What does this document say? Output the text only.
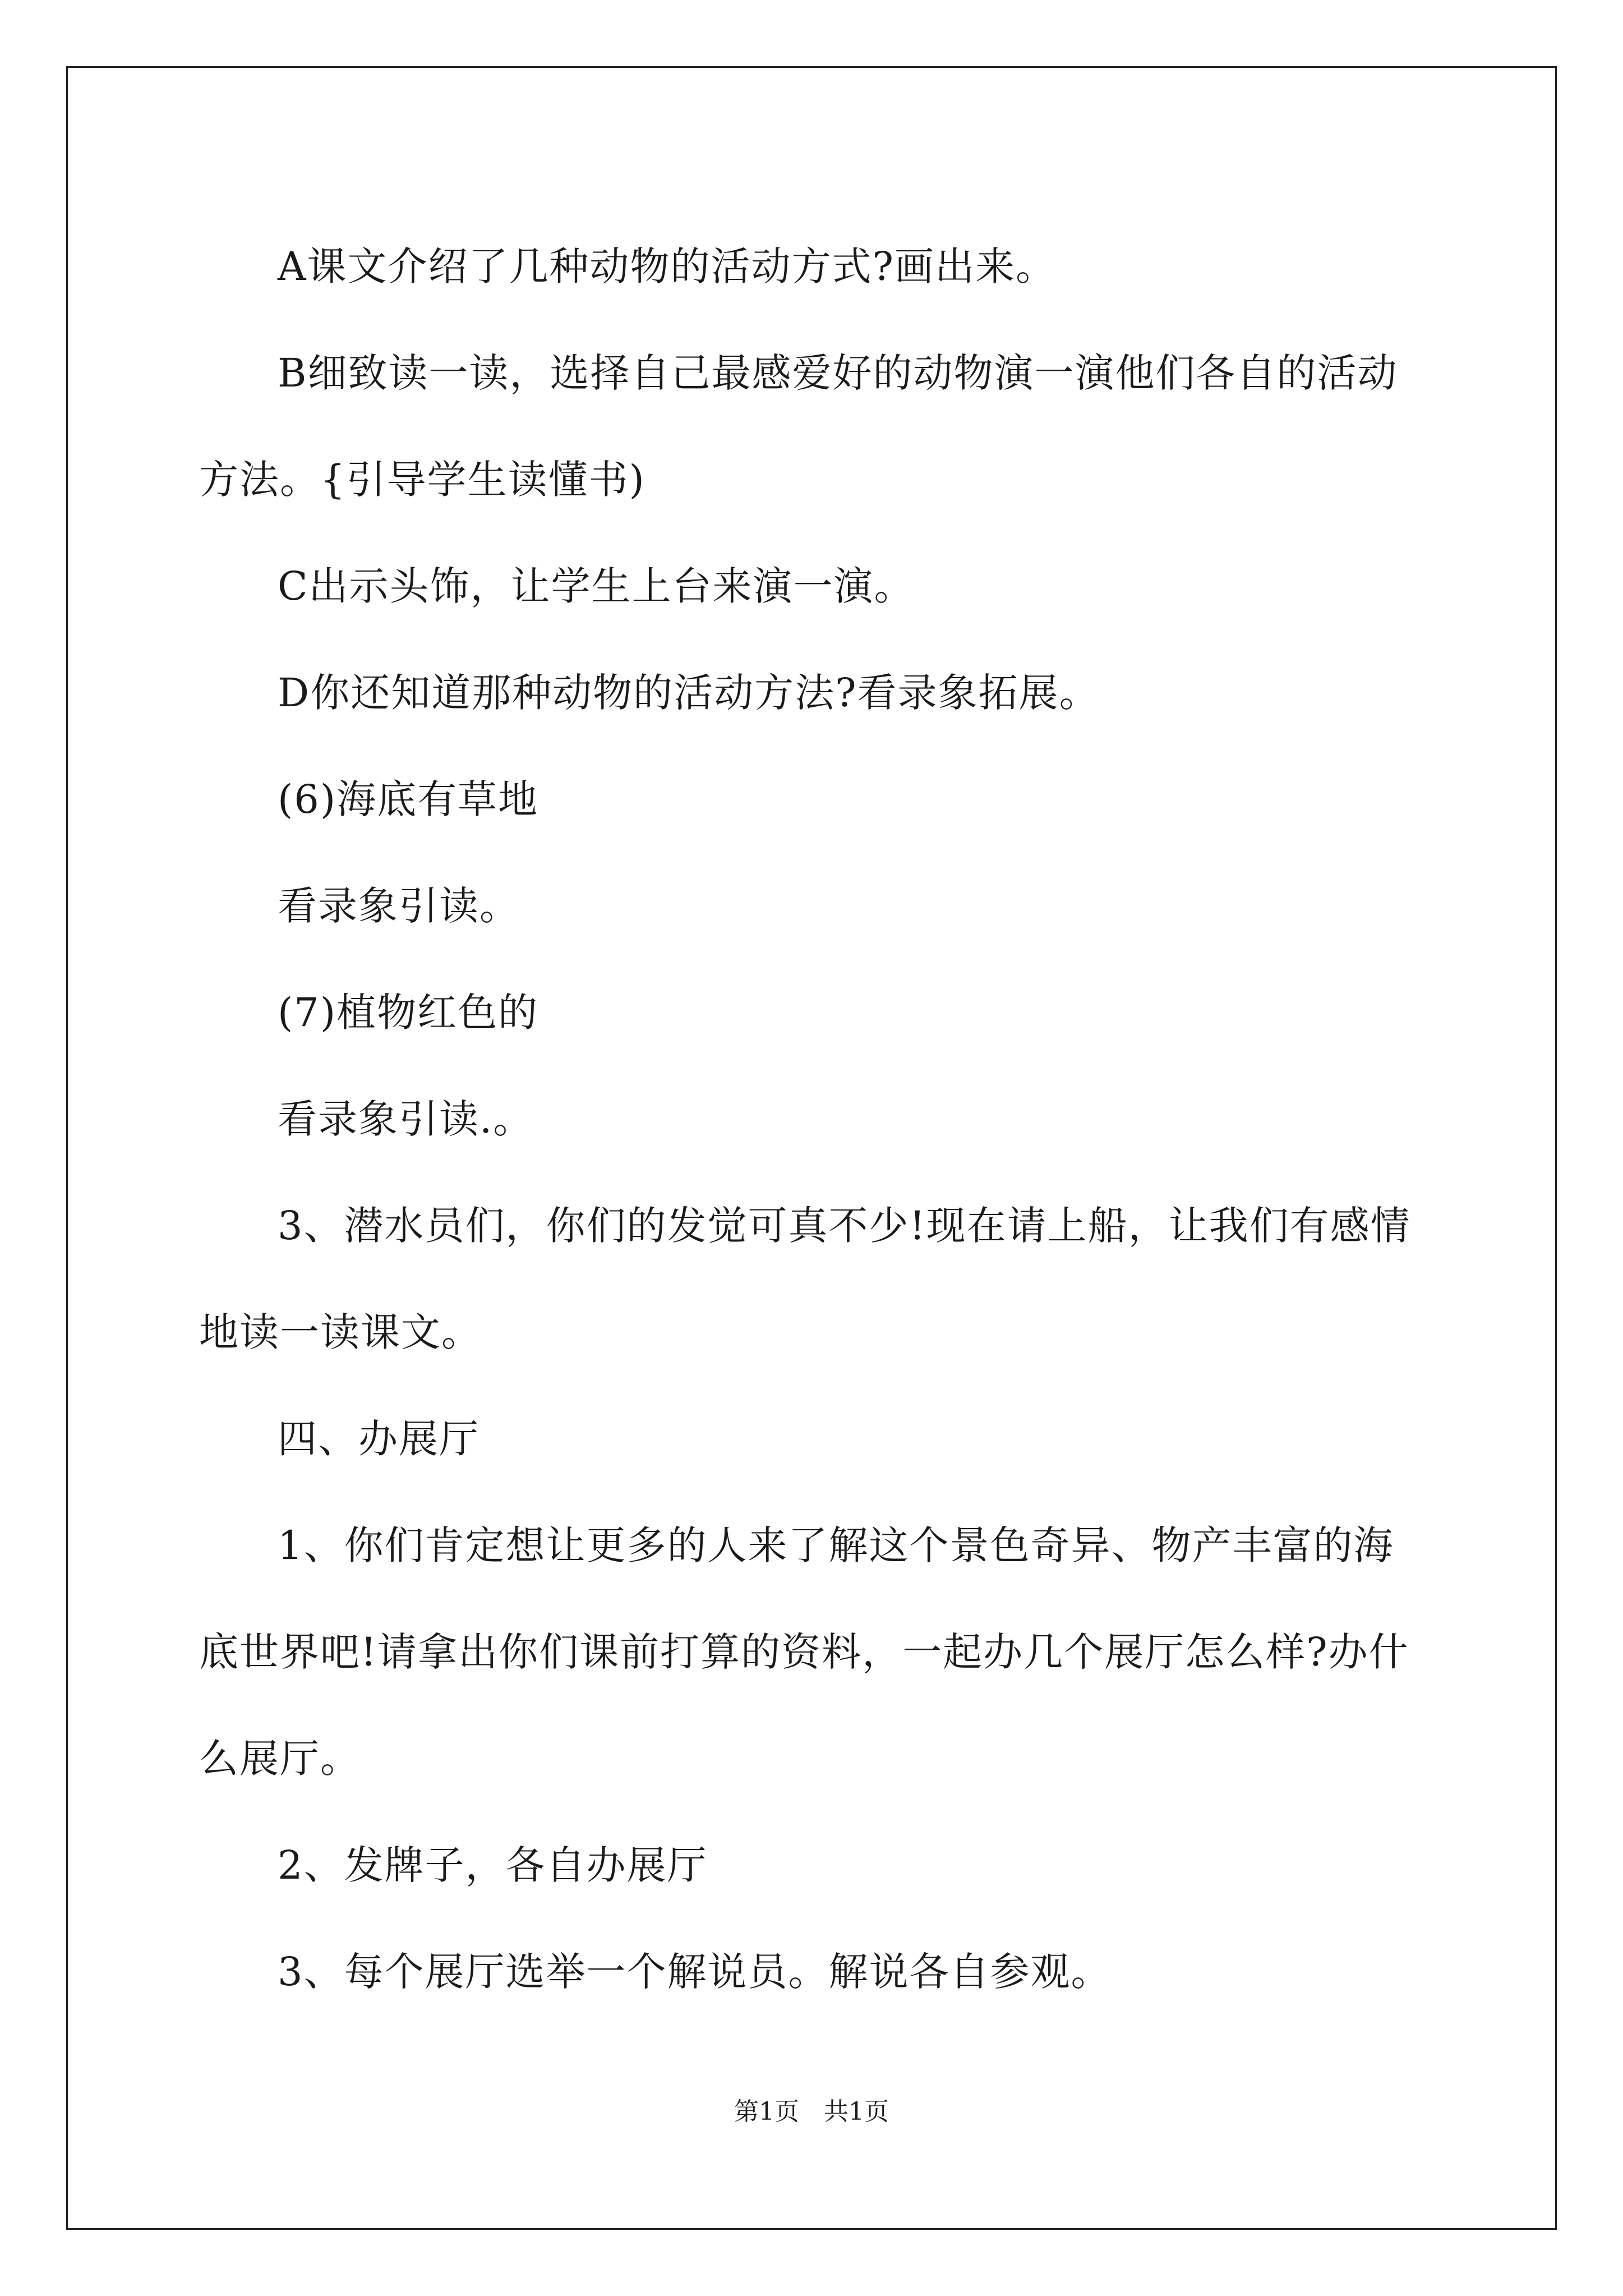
A课文介绍了几种动物的活动方式?画出来。

B细致读一读，选择自己最感爱好的动物演一演他们各自的活动方法。{引导学生读懂书)

C出示头饰，让学生上台来演一演。

D你还知道那种动物的活动方法?看录象拓展。

(6)海底有草地

看录象引读。

(7)植物红色的

看录象引读.。

3、潜水员们，你们的发觉可真不少!现在请上船，让我们有感情地读一读课文。

四、办展厅

1、你们肯定想让更多的人来了解这个景色奇异、物产丰富的海底世界吧!请拿出你们课前打算的资料，一起办几个展厅怎么样?办什么展厅。

2、发牌子，各自办展厅

3、每个展厅选举一个解说员。解说各自参观。

第1页　共1页
